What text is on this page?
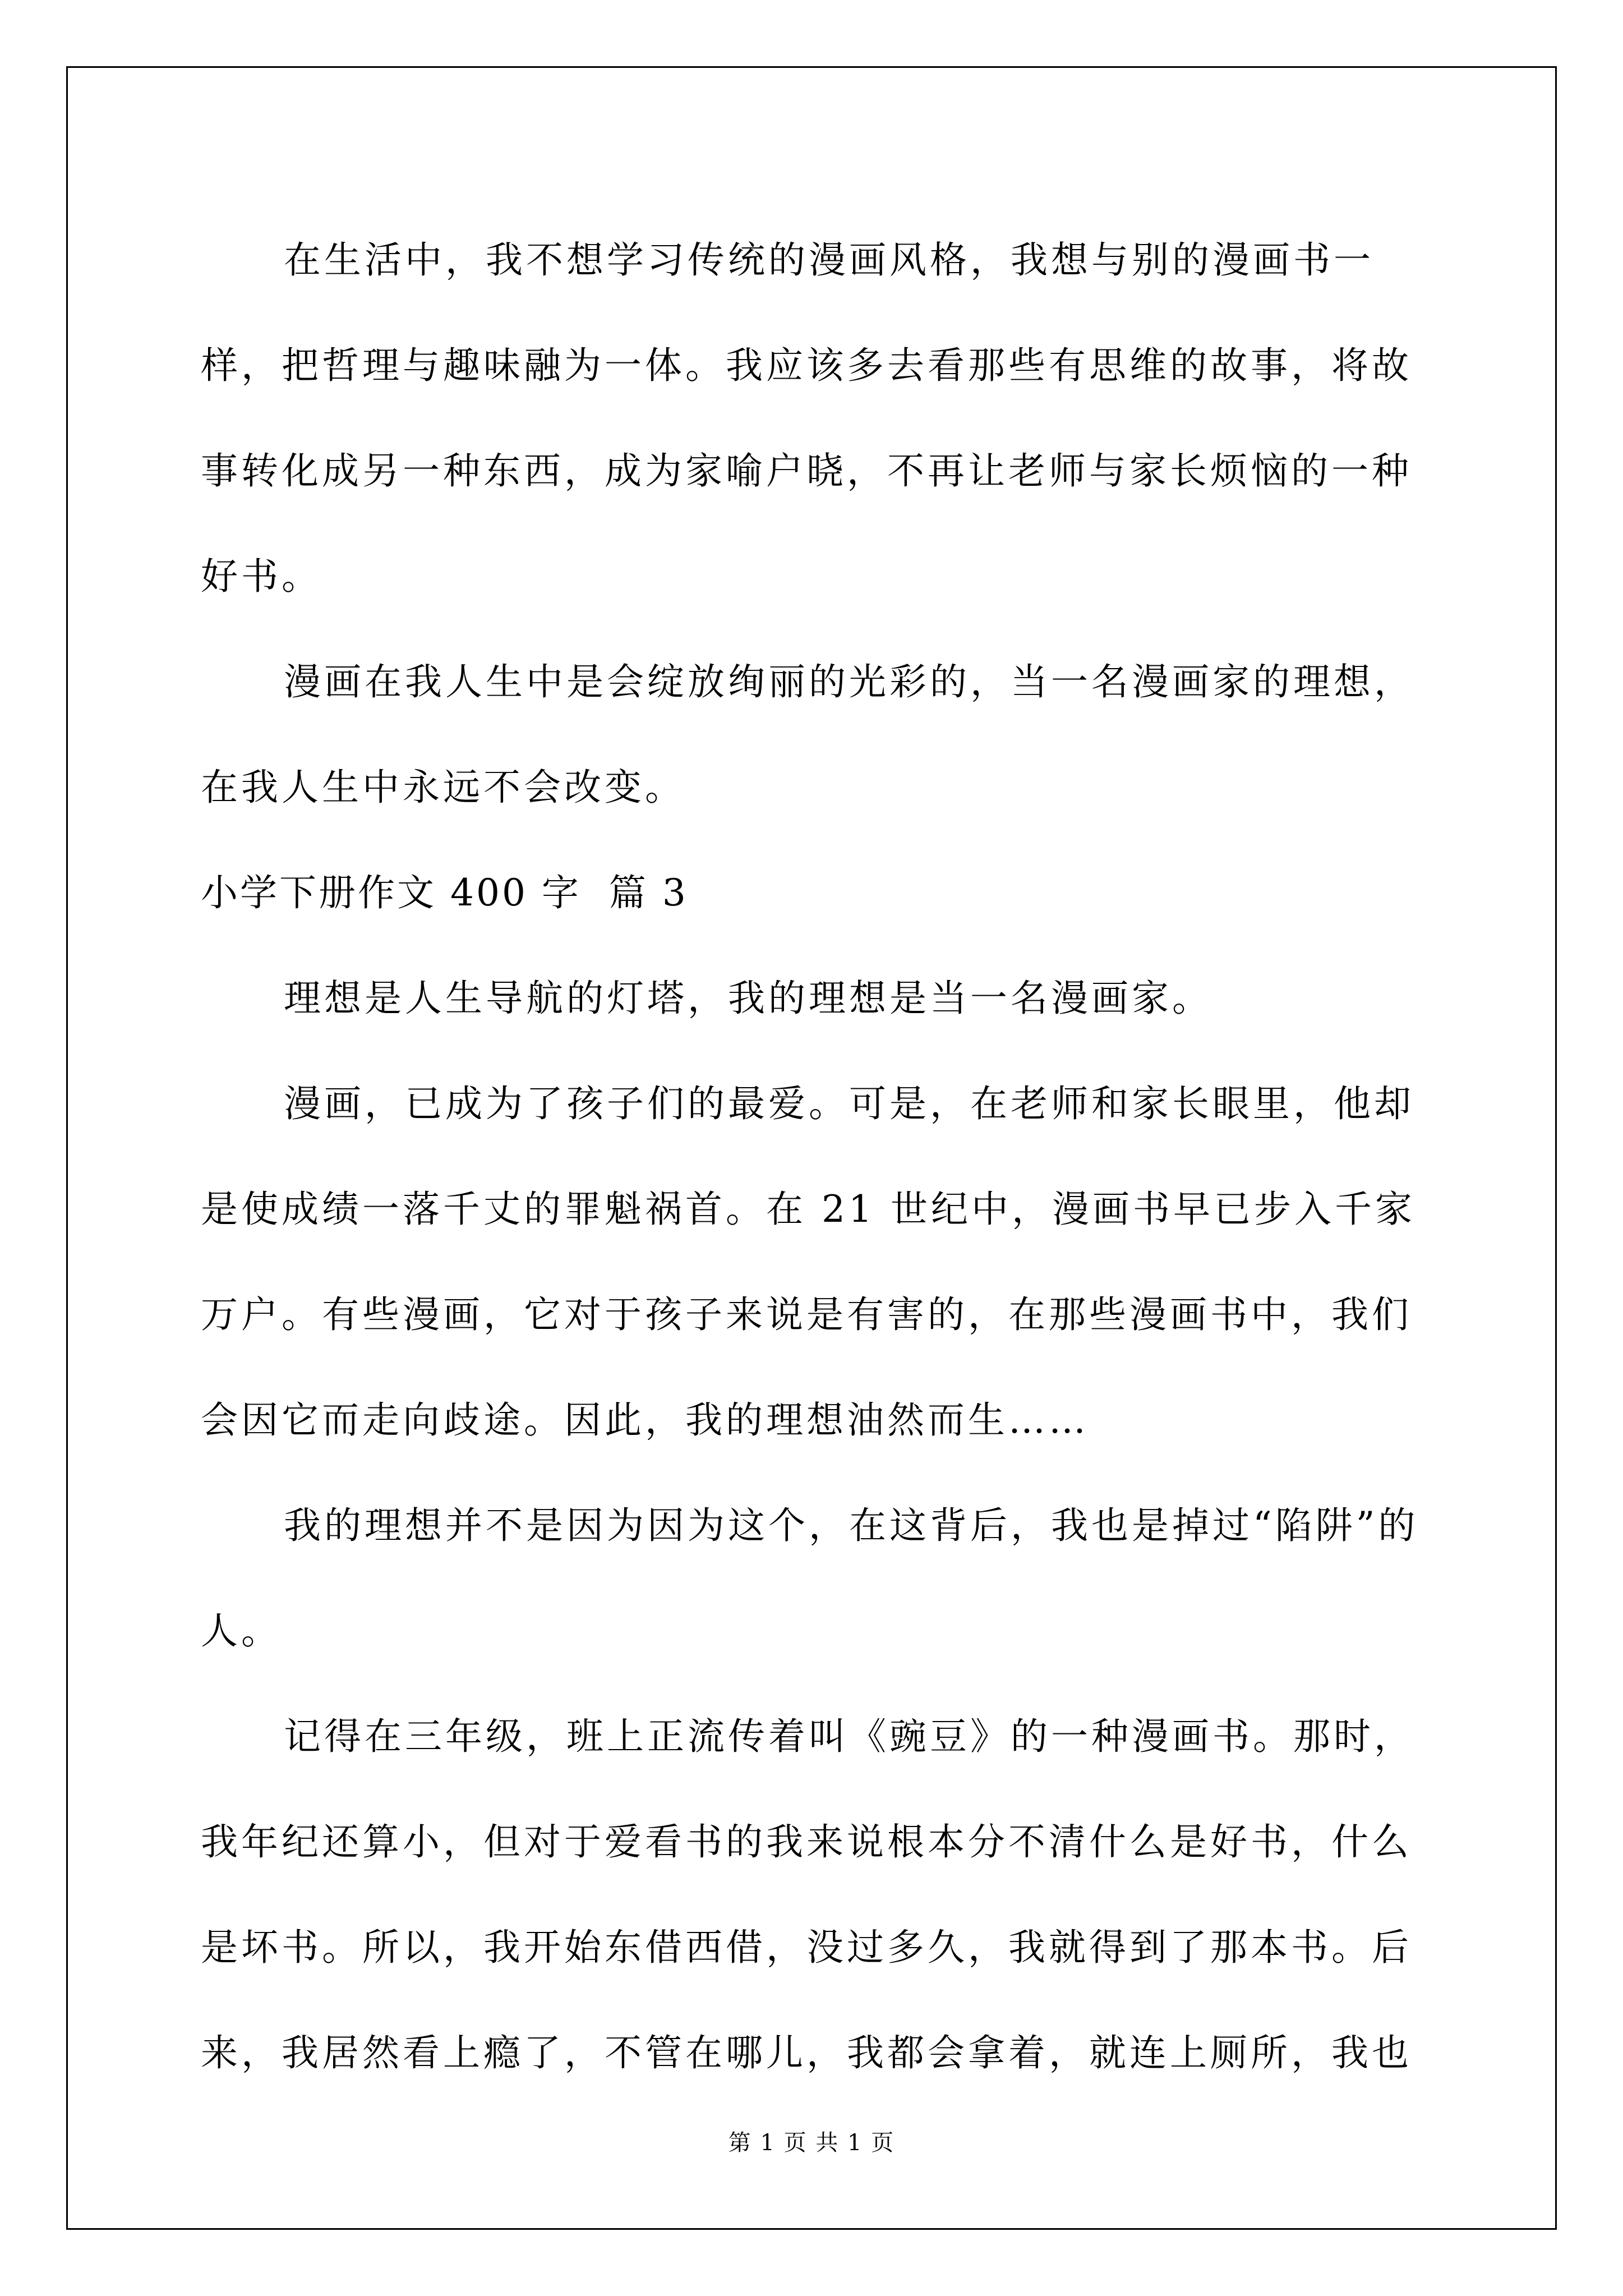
在生活中，我不想学习传统的漫画风格，我想与别的漫画书一样，把哲理与趣味融为一体。我应该多去看那些有思维的故事，将故事转化成另一种东西，成为家喻户晓，不再让老师与家长烦恼的一种好书。

漫画在我人生中是会绽放绚丽的光彩的，当一名漫画家的理想，在我人生中永远不会改变。

小学下册作文 400 字  篇 3

理想是人生导航的灯塔，我的理想是当一名漫画家。

漫画，已成为了孩子们的最爱。可是，在老师和家长眼里，他却是使成绩一落千丈的罪魁祸首。在 21 世纪中，漫画书早已步入千家万户。有些漫画，它对于孩子来说是有害的，在那些漫画书中，我们会因它而走向歧途。因此，我的理想油然而生……

我的理想并不是因为因为这个，在这背后，我也是掉过“陷阱”的人。

记得在三年级，班上正流传着叫《豌豆》的一种漫画书。那时，我年纪还算小，但对于爱看书的我来说根本分不清什么是好书，什么是坏书。所以，我开始东借西借，没过多久，我就得到了那本书。后来，我居然看上瘾了，不管在哪儿，我都会拿着，就连上厕所，我也

第 1 页 共 1 页
